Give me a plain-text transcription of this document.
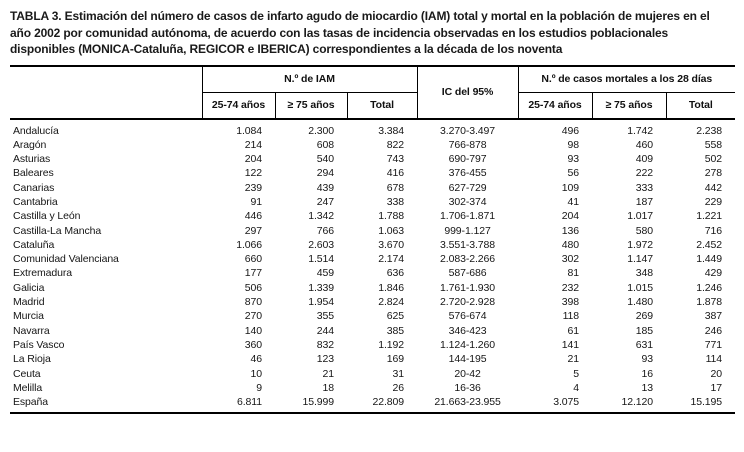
TABLA 3. Estimación del número de casos de infarto agudo de miocardio (IAM) total y mortal en la población de mujeres en el año 2002 por comunidad autónoma, de acuerdo con las tasas de incidencia observadas en los estudios poblacionales disponibles (MONICA-Cataluña, REGICOR e IBERICA) correspondientes a la década de los noventa
	N.º de IAM			IC del 95%	N.º de casos mortales a los 28 días		
	25-74 años	≥ 75 años	Total		25-74 años	≥ 75 años	Total
Andalucía	1.084	2.300	3.384	3.270-3.497	496	1.742	2.238
Aragón	214	608	822	766-878	98	460	558
Asturias	204	540	743	690-797	93	409	502
Baleares	122	294	416	376-455	56	222	278
Canarias	239	439	678	627-729	109	333	442
Cantabria	91	247	338	302-374	41	187	229
Castilla y León	446	1.342	1.788	1.706-1.871	204	1.017	1.221
Castilla-La Mancha	297	766	1.063	999-1.127	136	580	716
Cataluña	1.066	2.603	3.670	3.551-3.788	480	1.972	2.452
Comunidad Valenciana	660	1.514	2.174	2.083-2.266	302	1.147	1.449
Extremadura	177	459	636	587-686	81	348	429
Galicia	506	1.339	1.846	1.761-1.930	232	1.015	1.246
Madrid	870	1.954	2.824	2.720-2.928	398	1.480	1.878
Murcia	270	355	625	576-674	118	269	387
Navarra	140	244	385	346-423	61	185	246
País Vasco	360	832	1.192	1.124-1.260	141	631	771
La Rioja	46	123	169	144-195	21	93	114
Ceuta	10	21	31	20-42	5	16	20
Melilla	9	18	26	16-36	4	13	17
España	6.811	15.999	22.809	21.663-23.955	3.075	12.120	15.195
